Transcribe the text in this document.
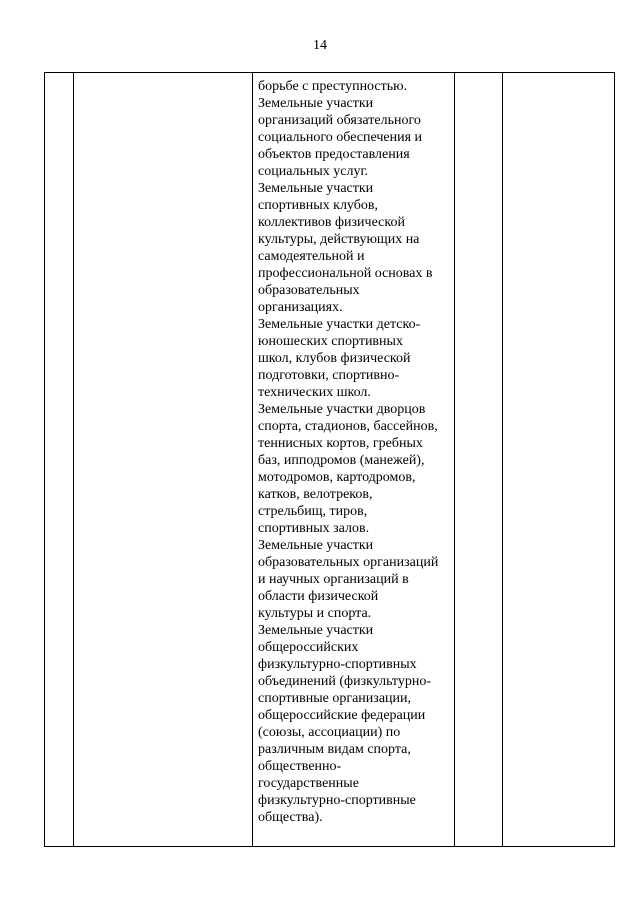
14

борьбе с преступностью.
Земельные участки
организаций обязательного
социального обеспечения и
объектов предоставления
социальных услуг.
Земельные участки
спортивных клубов,
коллективов физической
культуры, действующих на
самодеятельной и
профессиональной основах в
образовательных
организациях.
Земельные участки детско-
юношеских спортивных
школ, клубов физической
подготовки, спортивно-
технических школ.
Земельные участки дворцов
спорта, стадионов, бассейнов,
теннисных кортов, гребных
баз, ипподромов (манежей),
мотодромов, картодромов,
катков, велотреков,
стрельбищ, тиров,
спортивных залов.
Земельные участки
образовательных организаций
и научных организаций в
области физической
культуры и спорта.
Земельные участки
общероссийских
физкультурно-спортивных
объединений (физкультурно-
спортивные организации,
общероссийские федерации
(союзы, ассоциации) по
различным видам спорта,
общественно-
государственные
физкультурно-спортивные
общества).
